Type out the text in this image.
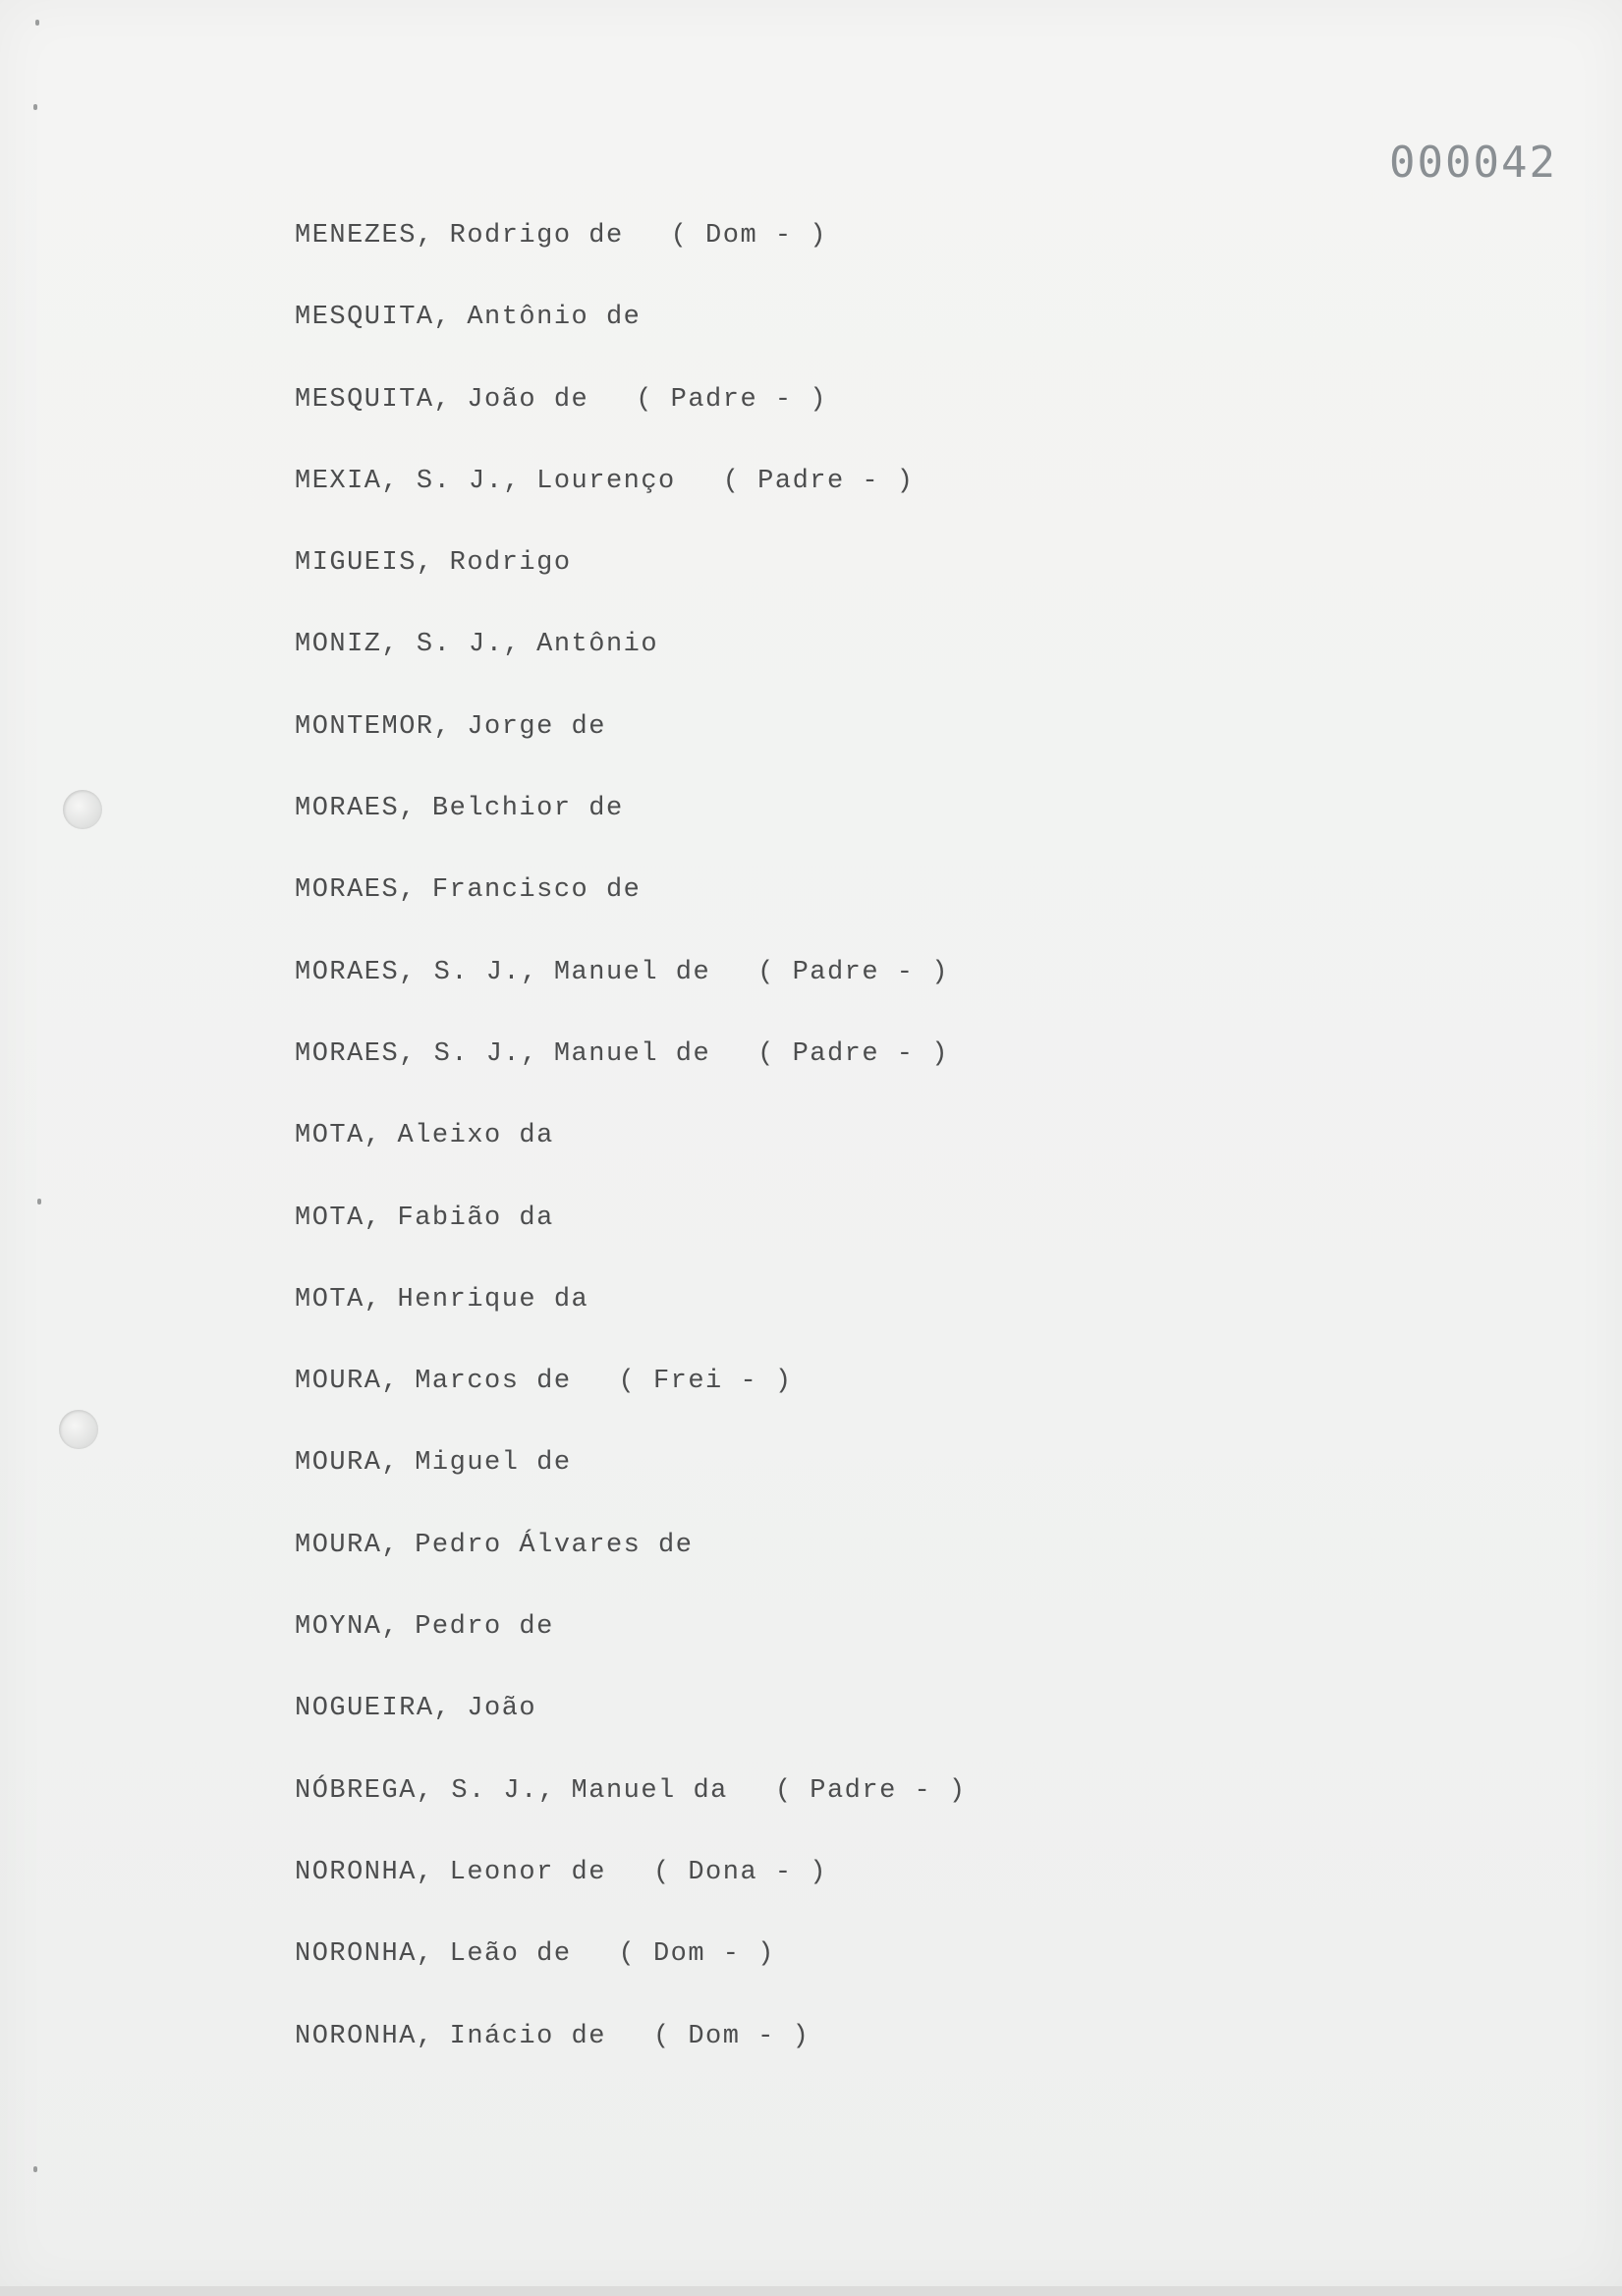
000042
MENEZES, Rodrigo de ( Dom - )
MESQUITA, Antônio de
MESQUITA, João de ( Padre - )
MEXIA, S. J., Lourenço ( Padre - )
MIGUEIS, Rodrigo
MONIZ, S. J., Antônio
MONTEMOR, Jorge de
MORAES, Belchior de
MORAES, Francisco de
MORAES, S. J., Manuel de ( Padre - )
MORAES, S. J., Manuel de ( Padre - )
MOTA, Aleixo da
MOTA, Fabião da
MOTA, Henrique da
MOURA, Marcos de ( Frei - )
MOURA, Miguel de
MOURA, Pedro Álvares de
MOYNA, Pedro de
NOGUEIRA, João
NÓBREGA, S. J., Manuel da ( Padre - )
NORONHA, Leonor de ( Dona - )
NORONHA, Leão de ( Dom - )
NORONHA, Inácio de ( Dom - )
